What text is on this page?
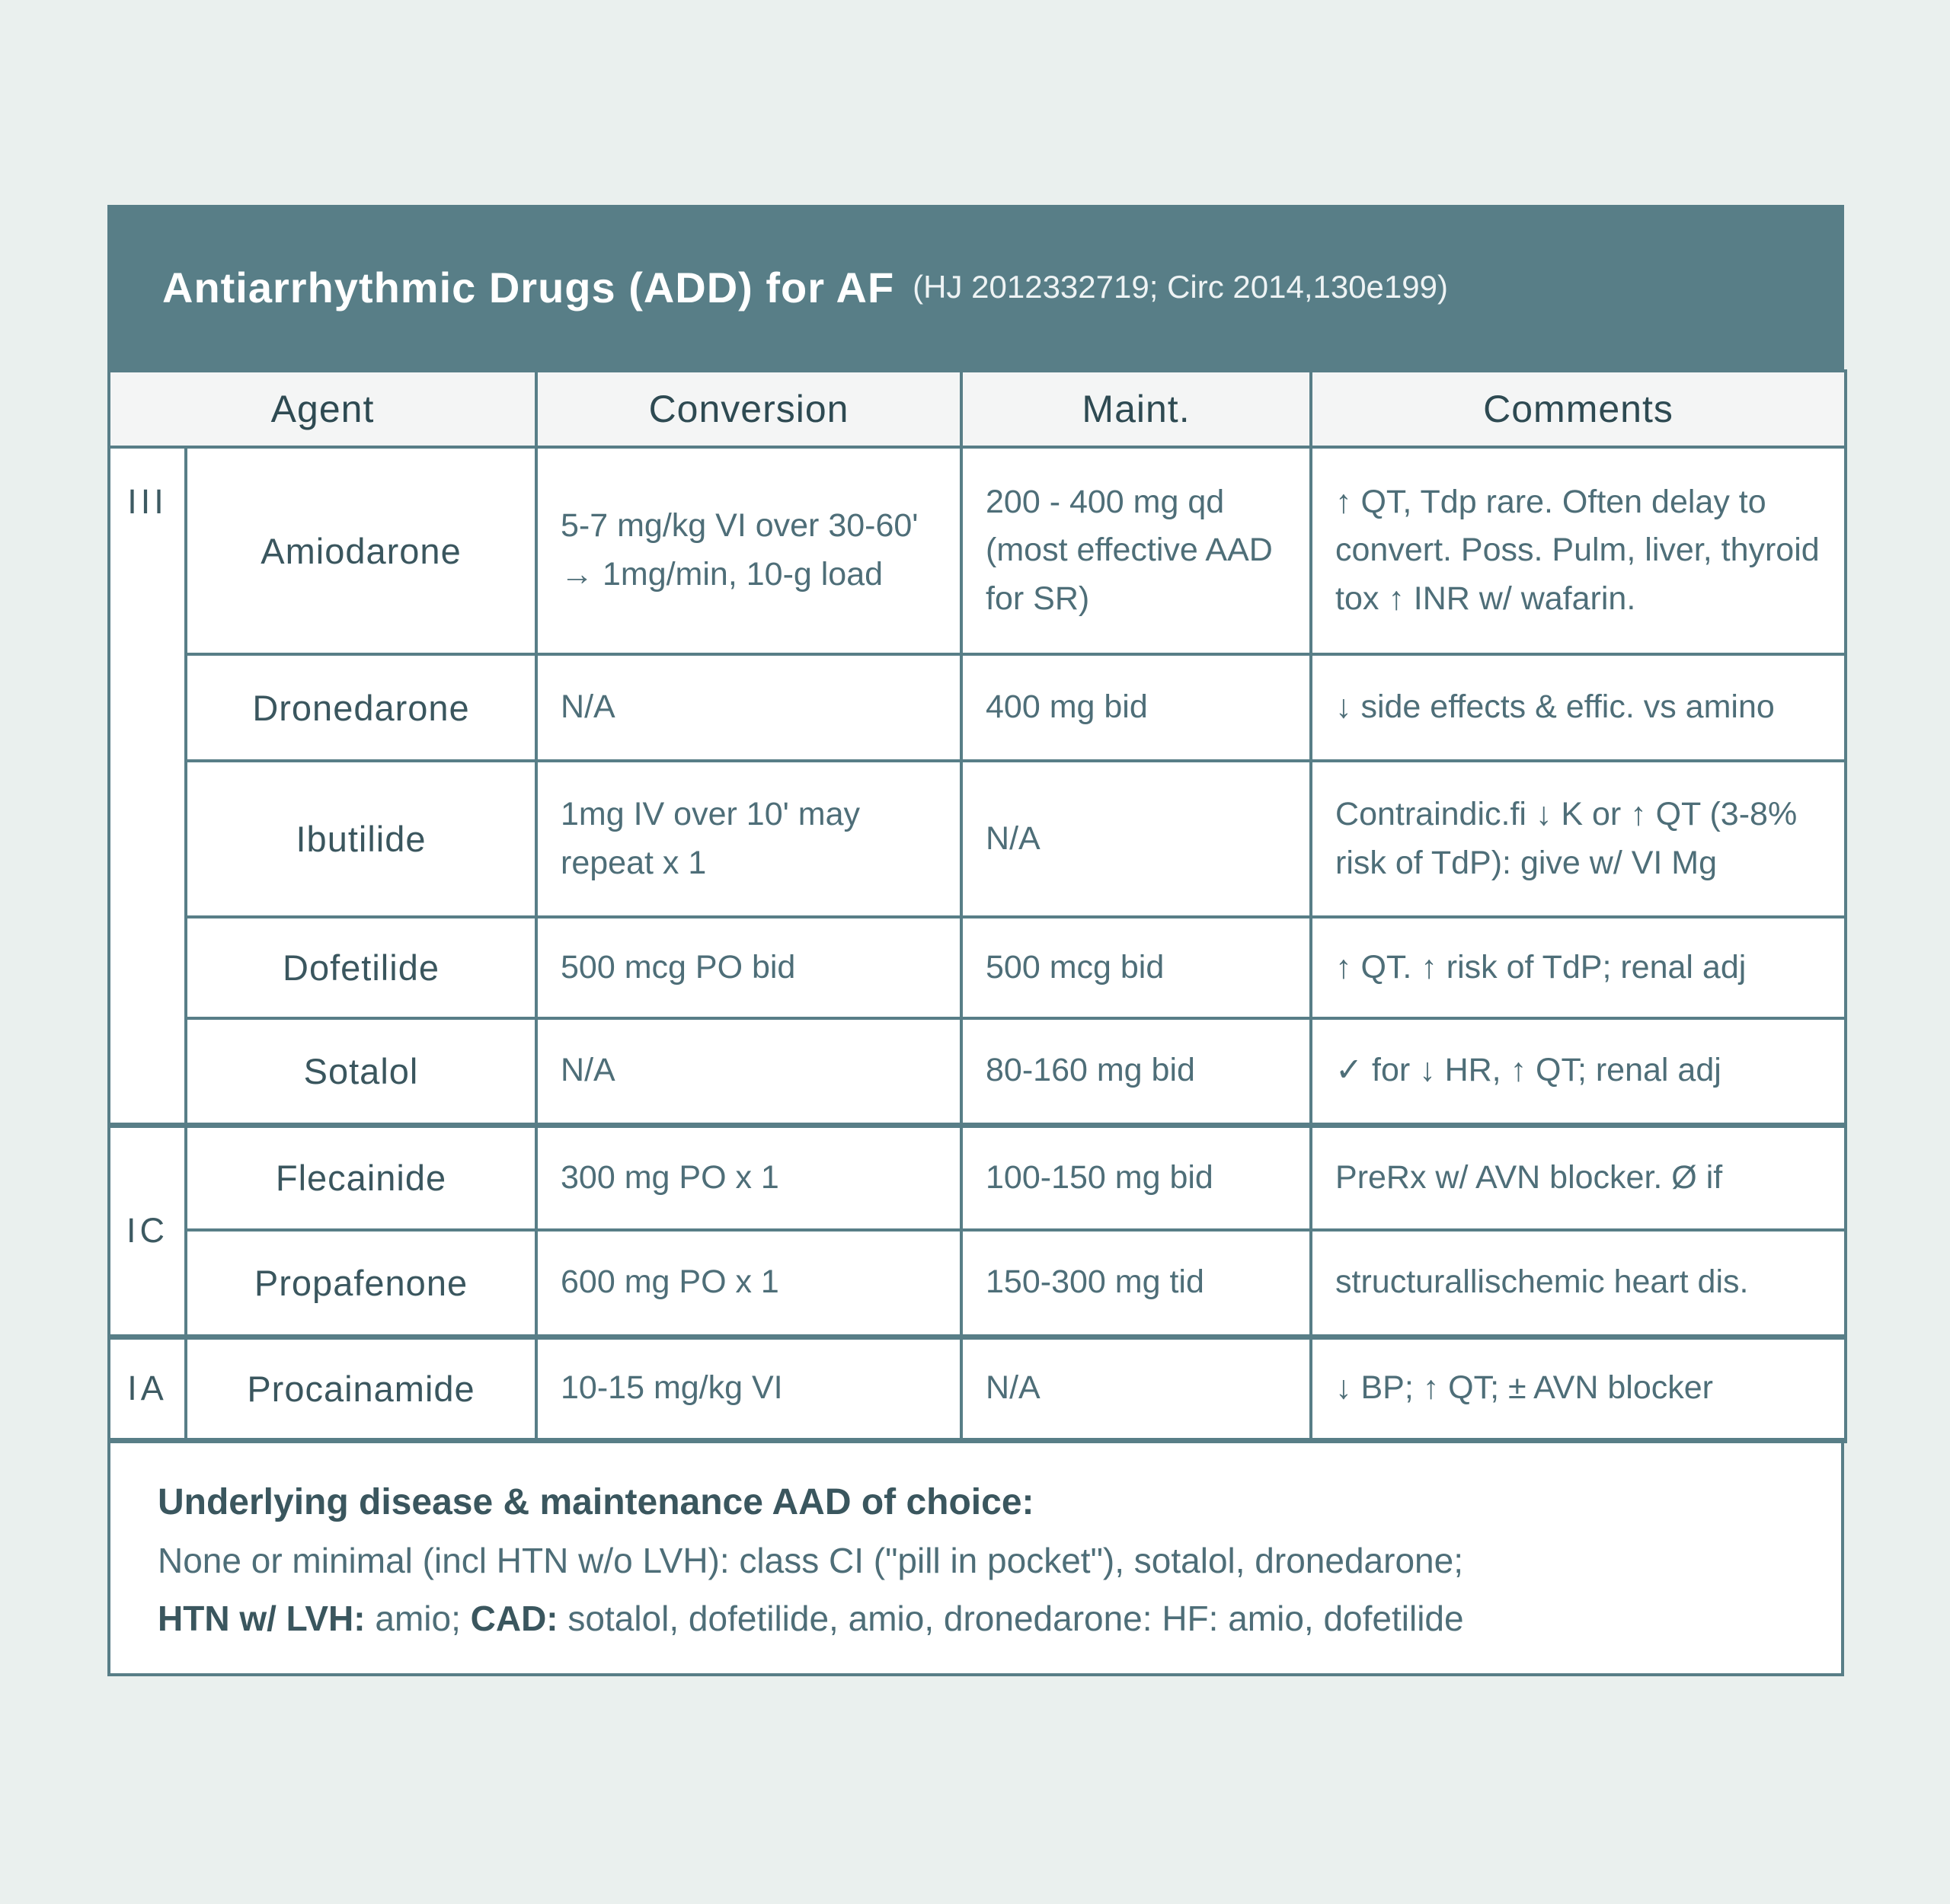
Antiarrhythmic Drugs (ADD) for AF (HJ 2012332719; Circ 2014,130e199)
Agent		Conversion	Maint.	Comments
III	Amiodarone	5-7 mg/kg VI over 30-60' → 1mg/min, 10-g load	200 - 400 mg qd (most effective AAD for SR)	↑ QT, Tdp rare. Often delay to convert. Poss. Pulm, liver, thyroid tox ↑ INR w/ wafarin.
	Dronedarone	N/A	400 mg bid	↓ side effects & effic. vs amino
	Ibutilide	1mg IV over 10' may repeat x 1	N/A	Contraindic.fi ↓ K or ↑ QT (3-8% risk of TdP): give w/ VI Mg
	Dofetilide	500 mcg PO bid	500 mcg bid	↑ QT. ↑ risk of TdP; renal adj
	Sotalol	N/A	80-160 mg bid	✓ for ↓ HR, ↑ QT; renal adj
IC	Flecainide	300 mg PO x 1	100-150 mg bid	PreRx w/ AVN blocker. Ø if
	Propafenone	600 mg PO x 1	150-300 mg tid	structurallischemic heart dis.
IA	Procainamide	10-15 mg/kg VI	N/A	↓ BP; ↑ QT; ± AVN blocker
Underlying disease & maintenance AAD of choice:
None or minimal (incl HTN w/o LVH): class CI ("pill in pocket"), sotalol, dronedarone;
HTN w/ LVH: amio; CAD: sotalol, dofetilide, amio, dronedarone: HF: amio, dofetilide
